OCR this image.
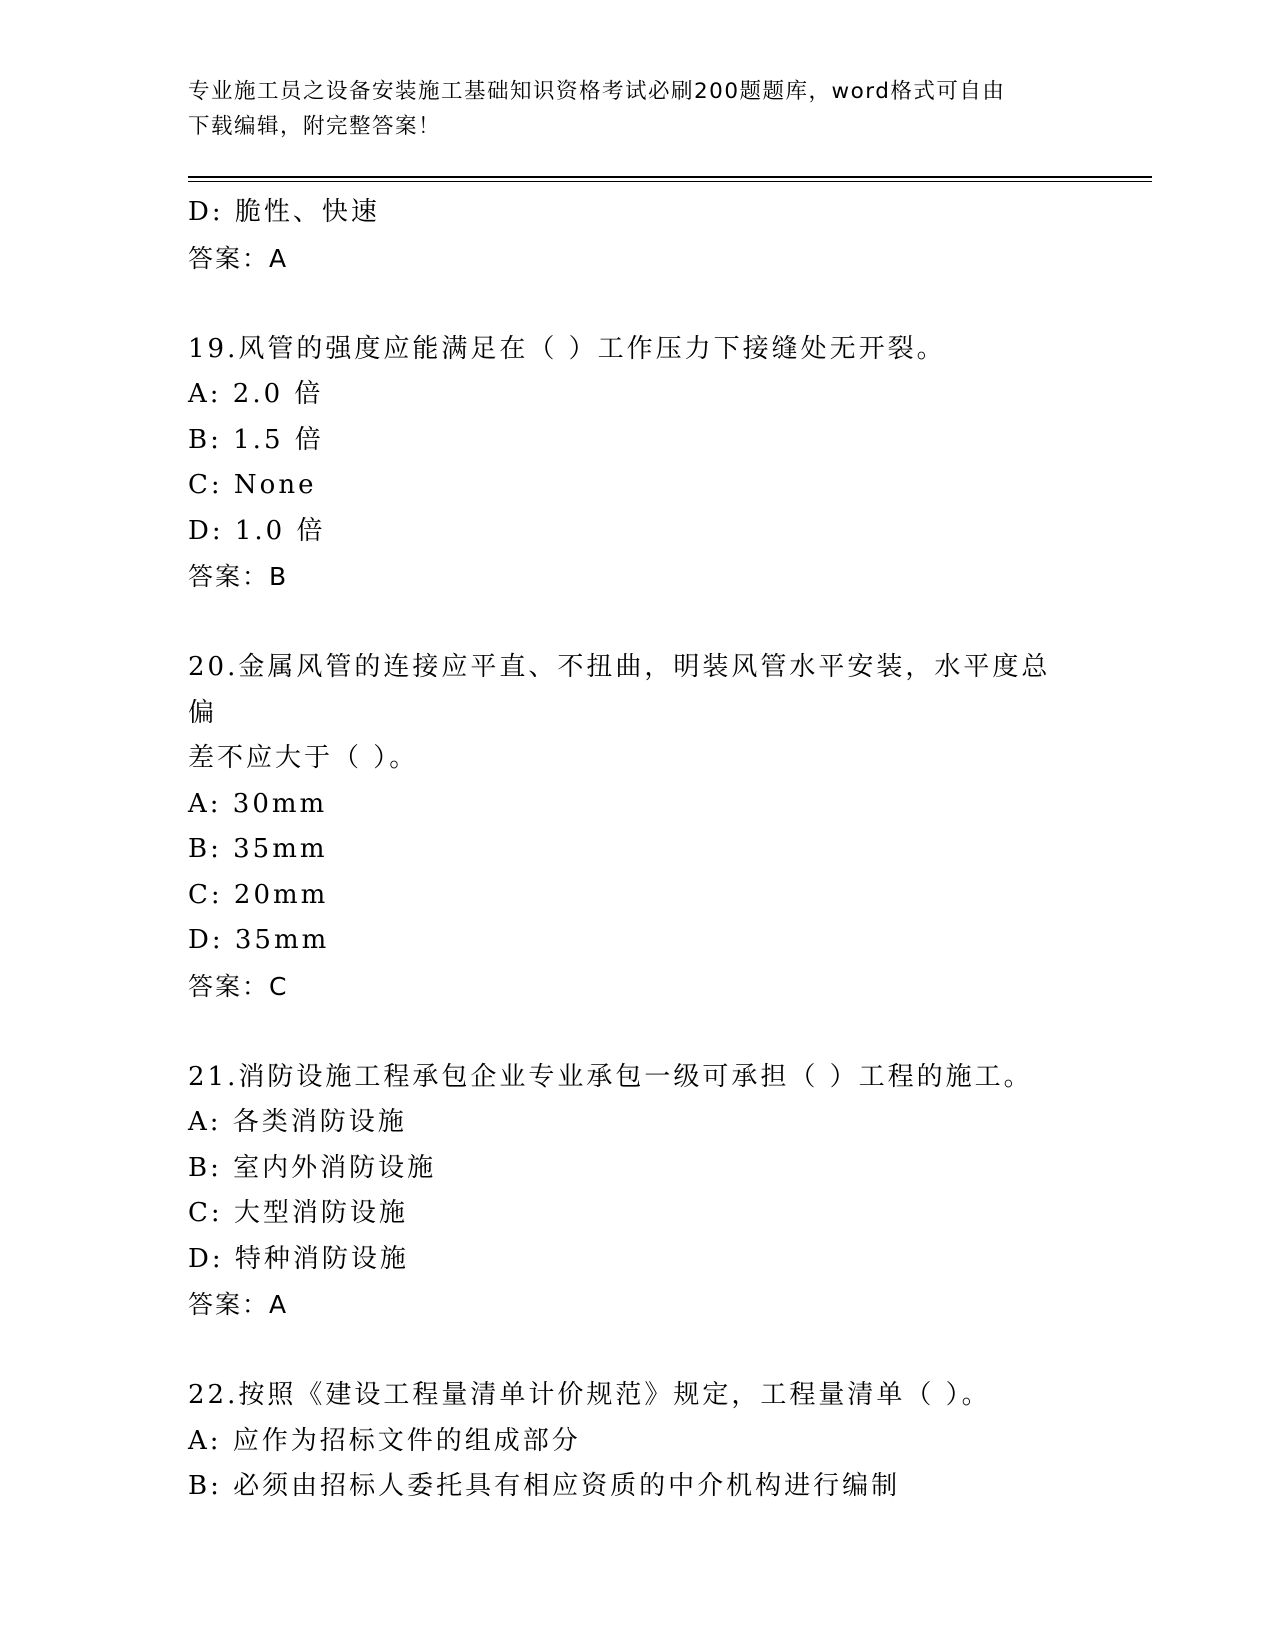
专业施工员之设备安装施工基础知识资格考试必刷200题题库，word格式可自由
下载编辑，附完整答案！
D: 脆性、快速
答案：A
19.风管的强度应能满足在（ ）工作压力下接缝处无开裂。
A: 2.0 倍
B: 1.5 倍
C: None
D: 1.0 倍
答案：B
20.金属风管的连接应平直、不扭曲，明装风管水平安装，水平度总偏
差不应大于（ ）。
A: 30mm
B: 35mm
C: 20mm
D: 35mm
答案：C
21.消防设施工程承包企业专业承包一级可承担（ ）工程的施工。
A: 各类消防设施
B: 室内外消防设施
C: 大型消防设施
D: 特种消防设施
答案：A
22.按照《建设工程量清单计价规范》规定，工程量清单（ ）。
A: 应作为招标文件的组成部分
B: 必须由招标人委托具有相应资质的中介机构进行编制
